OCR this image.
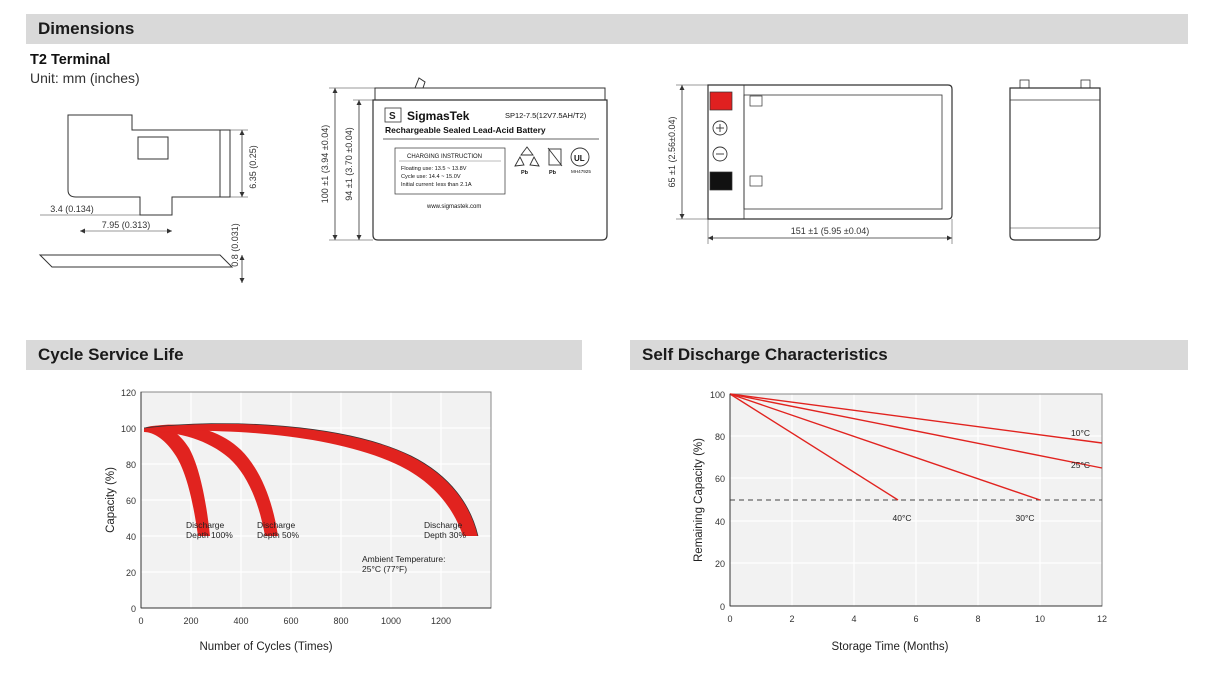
Dimensions
Cycle Service Life	Self Discharge Characteristics
T2 Terminal
Unit: mm (inches)
6.35 (0.25)
0.8 (0.031)
3.4 (0.134)
7.95 (0.313)
S SigmasTek	SP12-7.5(12V7.5AH/T2)
Rechargeable Sealed Lead-Acid Battery
CHARGING INSTRUCTION
Floating use: 13.5 ~ 13.8V
Cycle use: 14.4 ~ 15.0V
Initial current: less than 2.1A
Pb	Pb
UL
MH47925
www.sigmastek.com
100 ±1 (3.94 ±0.04) 94 ±1 (3.70 ±0.04)	65 ±1 (2.56±0.04)
151 ±1 (5.95 ±0.04)
120
100
80
60
40
20
0
0	200	400	600	800	1000	1200
Capacity (%)
Number of Cycles (Times)
Discharge
Depth 100%
Discharge
Depth 50%
Discharge
Depth 30%
Ambient Temperature:
25°C (77°F)
100
80
60
40
20
0
0	2	4	6	8	10	12
Remaining Capacity (%)
Storage Time (Months)
10°C
25°C
30°C
40°C
